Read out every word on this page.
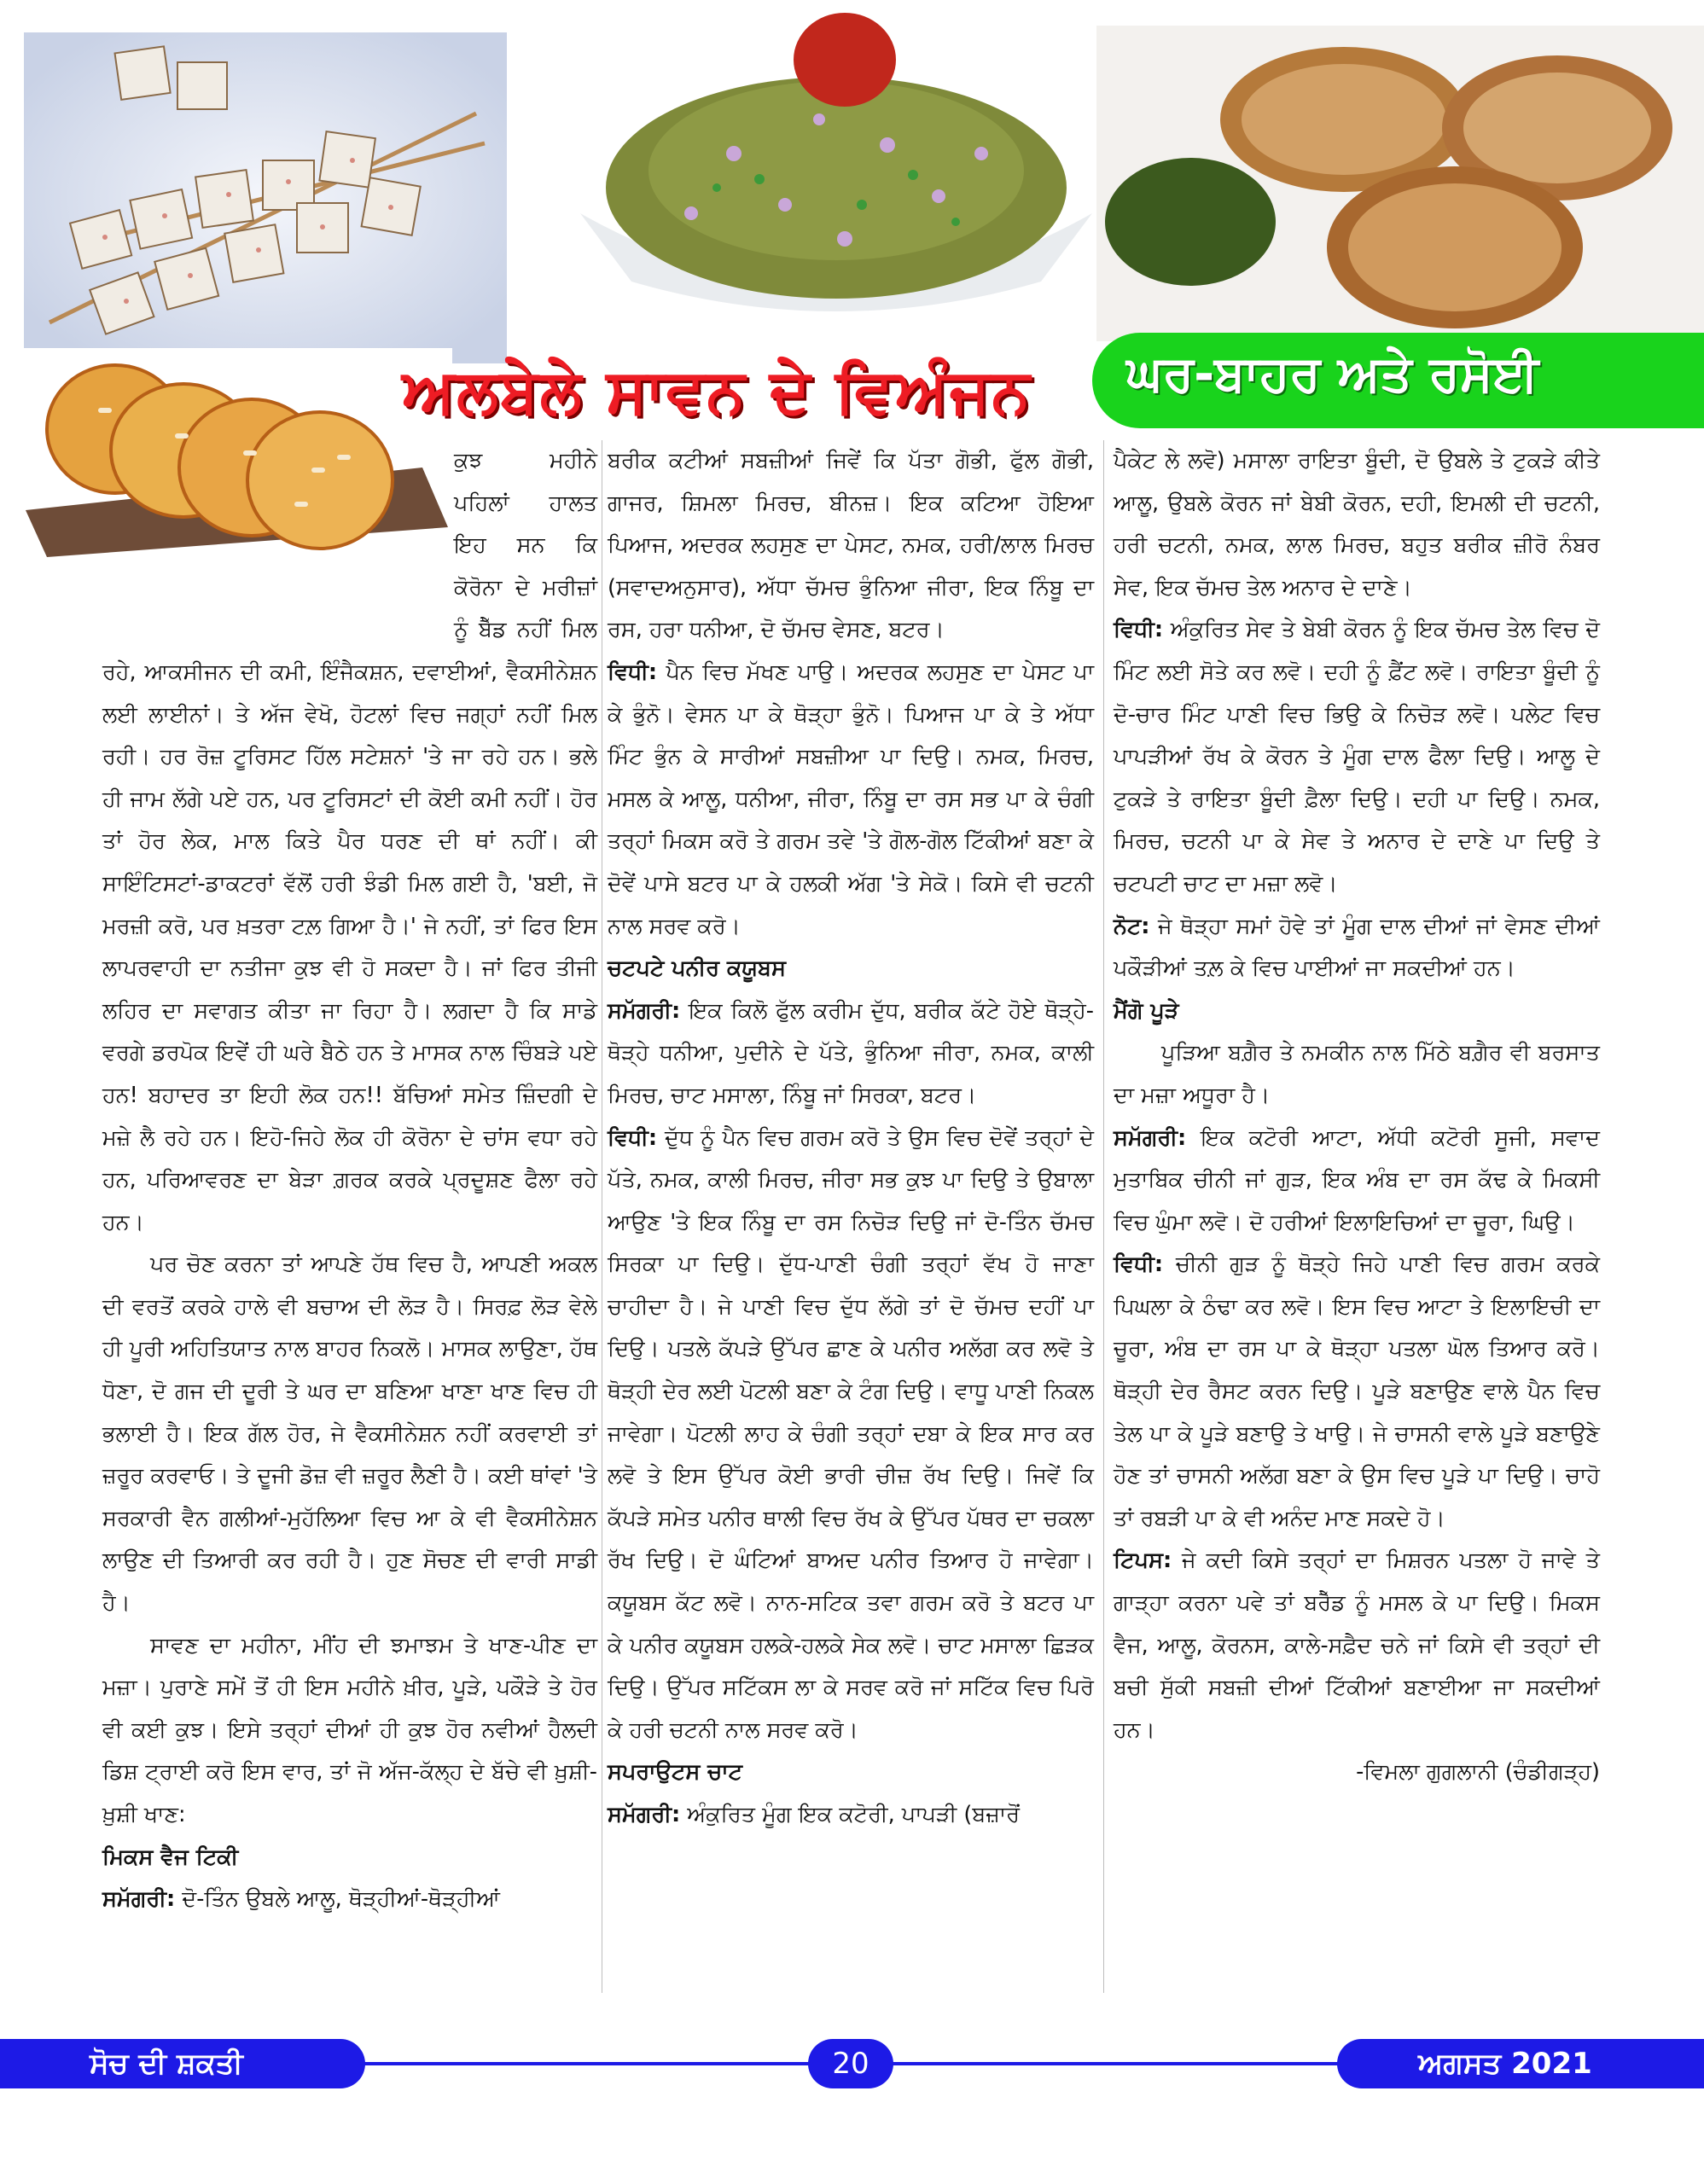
ਅਲਬੇਲੇ ਸਾਵਨ ਦੇ ਵਿਅੰਜਨ	ਘਰ-ਬਾਹਰ ਅਤੇ ਰਸੋਈ

ਕੁਝ ਮਹੀਨੇ ਪਹਿਲਾਂ ਹਾਲਤ ਇਹ ਸਨ ਕਿ ਕੋਰੋਨਾ ਦੇ ਮਰੀਜ਼ਾਂ ਨੂੰ ਬੈੱਡ ਨਹੀਂ ਮਿਲ ਰਹੇ, ਆਕਸੀਜਨ ਦੀ ਕਮੀ, ਇੰਜੈਕਸ਼ਨ, ਦਵਾਈਆਂ, ਵੈਕਸੀਨੇਸ਼ਨ ਲਈ ਲਾਈਨਾਂ। ਤੇ ਅੱਜ ਵੇਖੋ, ਹੋਟਲਾਂ ਵਿਚ ਜਗ੍ਹਾਂ ਨਹੀਂ ਮਿਲ ਰਹੀ। ਹਰ ਰੋਜ਼ ਟੂਰਿਸਟ ਹਿੱਲ ਸਟੇਸ਼ਨਾਂ 'ਤੇ ਜਾ ਰਹੇ ਹਨ। ਭਲੇ ਹੀ ਜਾਮ ਲੱਗੇ ਪਏ ਹਨ, ਪਰ ਟੂਰਿਸਟਾਂ ਦੀ ਕੋਈ ਕਮੀ ਨਹੀਂ। ਹੋਰ ਤਾਂ ਹੋਰ ਲੇਕ, ਮਾਲ ਕਿਤੇ ਪੈਰ ਧਰਣ ਦੀ ਥਾਂ ਨਹੀਂ। ਕੀ ਸਾਇੰਟਿਸਟਾਂ-ਡਾਕਟਰਾਂ ਵੱਲੋਂ ਹਰੀ ਝੰਡੀ ਮਿਲ ਗਈ ਹੈ, 'ਬਈ, ਜੋ ਮਰਜ਼ੀ ਕਰੋ, ਪਰ ਖ਼ਤਰਾ ਟਲ਼ ਗਿਆ ਹੈ।' ਜੇ ਨਹੀਂ, ਤਾਂ ਫਿਰ ਇਸ ਲਾਪਰਵਾਹੀ ਦਾ ਨਤੀਜਾ ਕੁਝ ਵੀ ਹੋ ਸਕਦਾ ਹੈ। ਜਾਂ ਫਿਰ ਤੀਜੀ ਲਹਿਰ ਦਾ ਸਵਾਗਤ ਕੀਤਾ ਜਾ ਰਿਹਾ ਹੈ। ਲਗਦਾ ਹੈ ਕਿ ਸਾਡੇ ਵਰਗੇ ਡਰਪੋਕ ਇਵੇਂ ਹੀ ਘਰੇ ਬੈਠੇ ਹਨ ਤੇ ਮਾਸਕ ਨਾਲ ਚਿੰਬੜੇ ਪਏ ਹਨ! ਬਹਾਦਰ ਤਾ ਇਹੀ ਲੋਕ ਹਨ!! ਬੱਚਿਆਂ ਸਮੇਤ ਜ਼ਿੰਦਗੀ ਦੇ ਮਜ਼ੇ ਲੈ ਰਹੇ ਹਨ। ਇਹੋ-ਜਿਹੇ ਲੋਕ ਹੀ ਕੋਰੋਨਾ ਦੇ ਚਾਂਸ ਵਧਾ ਰਹੇ ਹਨ, ਪਰਿਆਵਰਣ ਦਾ ਬੇੜਾ ਗ਼ਰਕ ਕਰਕੇ ਪ੍ਰਦੂਸ਼ਣ ਫੈਲਾ ਰਹੇ ਹਨ।

ਪਰ ਚੋਣ ਕਰਨਾ ਤਾਂ ਆਪਣੇ ਹੱਥ ਵਿਚ ਹੈ, ਆਪਣੀ ਅਕਲ ਦੀ ਵਰਤੋਂ ਕਰਕੇ ਹਾਲੇ ਵੀ ਬਚਾਅ ਦੀ ਲੋੜ ਹੈ। ਸਿਰਫ਼ ਲੋੜ ਵੇਲੇ ਹੀ ਪੂਰੀ ਅਹਿਤਿਯਾਤ ਨਾਲ ਬਾਹਰ ਨਿਕਲੋ। ਮਾਸਕ ਲਾਉਣਾ, ਹੱਥ ਧੋਣਾ, ਦੋ ਗਜ ਦੀ ਦੂਰੀ ਤੇ ਘਰ ਦਾ ਬਣਿਆ ਖਾਣਾ ਖਾਣ ਵਿਚ ਹੀ ਭਲਾਈ ਹੈ। ਇਕ ਗੱਲ ਹੋਰ, ਜੇ ਵੈਕਸੀਨੇਸ਼ਨ ਨਹੀਂ ਕਰਵਾਈ ਤਾਂ ਜ਼ਰੂਰ ਕਰਵਾਓ। ਤੇ ਦੂਜੀ ਡੋਜ਼ ਵੀ ਜ਼ਰੂਰ ਲੈਣੀ ਹੈ। ਕਈ ਥਾਂਵਾਂ 'ਤੇ ਸਰਕਾਰੀ ਵੈਨ ਗਲੀਆਂ-ਮੁਹੱਲਿਆ ਵਿਚ ਆ ਕੇ ਵੀ ਵੈਕਸੀਨੇਸ਼ਨ ਲਾਉਣ ਦੀ ਤਿਆਰੀ ਕਰ ਰਹੀ ਹੈ। ਹੁਣ ਸੋਚਣ ਦੀ ਵਾਰੀ ਸਾਡੀ ਹੈ।

ਸਾਵਣ ਦਾ ਮਹੀਨਾ, ਮੀਂਹ ਦੀ ਝਮਾਝਮ ਤੇ ਖਾਣ-ਪੀਣ ਦਾ ਮਜ਼ਾ। ਪੁਰਾਣੇ ਸਮੇਂ ਤੋਂ ਹੀ ਇਸ ਮਹੀਨੇ ਖ਼ੀਰ, ਪੂੜੇ, ਪਕੌੜੇ ਤੇ ਹੋਰ ਵੀ ਕਈ ਕੁਝ। ਇਸੇ ਤਰ੍ਹਾਂ ਦੀਆਂ ਹੀ ਕੁਝ ਹੋਰ ਨਵੀਆਂ ਹੈਲਦੀ ਡਿਸ਼ ਟ੍ਰਾਈ ਕਰੋ ਇਸ ਵਾਰ, ਤਾਂ ਜੋ ਅੱਜ-ਕੱਲ੍ਹ ਦੇ ਬੱਚੇ ਵੀ ਖ਼ੁਸ਼ੀ-ਖ਼ੁਸ਼ੀ ਖਾਣ:

ਮਿਕਸ ਵੈਜ ਟਿਕੀ

ਸਮੱਗਰੀ: ਦੋ-ਤਿੰਨ ਉਬਲੇ ਆਲੂ, ਥੋੜ੍ਹੀਆਂ-ਥੋੜ੍ਹੀਆਂ

ਬਰੀਕ ਕਟੀਆਂ ਸਬਜ਼ੀਆਂ ਜਿਵੇਂ ਕਿ ਪੱਤਾ ਗੋਭੀ, ਫੁੱਲ ਗੋਭੀ, ਗਾਜਰ, ਸ਼ਿਮਲਾ ਮਿਰਚ, ਬੀਨਜ਼। ਇਕ ਕਟਿਆ ਹੋਇਆ ਪਿਆਜ, ਅਦਰਕ ਲਹਸੁਣ ਦਾ ਪੇਸਟ, ਨਮਕ, ਹਰੀ/ਲਾਲ ਮਿਰਚ (ਸਵਾਦਅਨੁਸਾਰ), ਅੱਧਾ ਚੱਮਚ ਭੁੰਨਿਆ ਜੀਰਾ, ਇਕ ਨਿੰਬੂ ਦਾ ਰਸ, ਹਰਾ ਧਨੀਆ, ਦੋ ਚੱਮਚ ਵੇਸਣ, ਬਟਰ।

ਵਿਧੀ: ਪੈਨ ਵਿਚ ਮੱਖਣ ਪਾਉ। ਅਦਰਕ ਲਹਸੁਣ ਦਾ ਪੇਸਟ ਪਾ ਕੇ ਭੁੰਨੋ। ਵੇਸਨ ਪਾ ਕੇ ਥੋੜ੍ਹਾ ਭੁੰਨੋ। ਪਿਆਜ ਪਾ ਕੇ ਤੇ ਅੱਧਾ ਮਿੰਟ ਭੁੰਨ ਕੇ ਸਾਰੀਆਂ ਸਬਜ਼ੀਆ ਪਾ ਦਿਉ। ਨਮਕ, ਮਿਰਚ, ਮਸਲ ਕੇ ਆਲੂ, ਧਨੀਆ, ਜੀਰਾ, ਨਿੰਬੂ ਦਾ ਰਸ ਸਭ ਪਾ ਕੇ ਚੰਗੀ ਤਰ੍ਹਾਂ ਮਿਕਸ ਕਰੋ ਤੇ ਗਰਮ ਤਵੇ 'ਤੇ ਗੋਲ-ਗੋਲ ਟਿੱਕੀਆਂ ਬਣਾ ਕੇ ਦੋਵੇਂ ਪਾਸੇ ਬਟਰ ਪਾ ਕੇ ਹਲਕੀ ਅੱਗ 'ਤੇ ਸੇਕੋ। ਕਿਸੇ ਵੀ ਚਟਨੀ ਨਾਲ ਸਰਵ ਕਰੋ।

ਚਟਪਟੇ ਪਨੀਰ ਕਯੂਬਸ

ਸਮੱਗਰੀ: ਇਕ ਕਿਲੋ ਫੁੱਲ ਕਰੀਮ ਦੁੱਧ, ਬਰੀਕ ਕੱਟੇ ਹੋਏ ਥੋੜ੍ਹੇ-ਥੋੜ੍ਹੇ ਧਨੀਆ, ਪੁਦੀਨੇ ਦੇ ਪੱਤੇ, ਭੁੰਨਿਆ ਜੀਰਾ, ਨਮਕ, ਕਾਲੀ ਮਿਰਚ, ਚਾਟ ਮਸਾਲਾ, ਨਿੰਬੂ ਜਾਂ ਸਿਰਕਾ, ਬਟਰ।

ਵਿਧੀ: ਦੁੱਧ ਨੂੰ ਪੈਨ ਵਿਚ ਗਰਮ ਕਰੋ ਤੇ ਉਸ ਵਿਚ ਦੋਵੇਂ ਤਰ੍ਹਾਂ ਦੇ ਪੱਤੇ, ਨਮਕ, ਕਾਲੀ ਮਿਰਚ, ਜੀਰਾ ਸਭ ਕੁਝ ਪਾ ਦਿਉ ਤੇ ਉਬਾਲਾ ਆਉਣ 'ਤੇ ਇਕ ਨਿੰਬੂ ਦਾ ਰਸ ਨਿਚੋੜ ਦਿਉ ਜਾਂ ਦੋ-ਤਿੰਨ ਚੱਮਚ ਸਿਰਕਾ ਪਾ ਦਿਉ। ਦੁੱਧ-ਪਾਣੀ ਚੰਗੀ ਤਰ੍ਹਾਂ ਵੱਖ ਹੋ ਜਾਣਾ ਚਾਹੀਦਾ ਹੈ। ਜੇ ਪਾਣੀ ਵਿਚ ਦੁੱਧ ਲੱਗੇ ਤਾਂ ਦੋ ਚੱਮਚ ਦਹੀਂ ਪਾ ਦਿਉ। ਪਤਲੇ ਕੱਪੜੇ ਉੱਪਰ ਛਾਣ ਕੇ ਪਨੀਰ ਅਲੱਗ ਕਰ ਲਵੋ ਤੇ ਥੋੜ੍ਹੀ ਦੇਰ ਲਈ ਪੋਟਲੀ ਬਣਾ ਕੇ ਟੰਗ ਦਿਉ। ਵਾਧੂ ਪਾਣੀ ਨਿਕਲ ਜਾਵੇਗਾ। ਪੋਟਲੀ ਲਾਹ ਕੇ ਚੰਗੀ ਤਰ੍ਹਾਂ ਦਬਾ ਕੇ ਇਕ ਸਾਰ ਕਰ ਲਵੋ ਤੇ ਇਸ ਉੱਪਰ ਕੋਈ ਭਾਰੀ ਚੀਜ਼ ਰੱਖ ਦਿਉ। ਜਿਵੇਂ ਕਿ ਕੱਪੜੇ ਸਮੇਤ ਪਨੀਰ ਥਾਲੀ ਵਿਚ ਰੱਖ ਕੇ ਉੱਪਰ ਪੱਥਰ ਦਾ ਚਕਲਾ ਰੱਖ ਦਿਉ। ਦੋ ਘੰਟਿਆਂ ਬਾਅਦ ਪਨੀਰ ਤਿਆਰ ਹੋ ਜਾਵੇਗਾ। ਕਯੂਬਸ ਕੱਟ ਲਵੋ। ਨਾਨ-ਸਟਿਕ ਤਵਾ ਗਰਮ ਕਰੋ ਤੇ ਬਟਰ ਪਾ ਕੇ ਪਨੀਰ ਕਯੂਬਸ ਹਲਕੇ-ਹਲਕੇ ਸੇਕ ਲਵੋ। ਚਾਟ ਮਸਾਲਾ ਛਿੜਕ ਦਿਉ। ਉੱਪਰ ਸਟਿੱਕਸ ਲਾ ਕੇ ਸਰਵ ਕਰੋ ਜਾਂ ਸਟਿੱਕ ਵਿਚ ਪਿਰੋ ਕੇ ਹਰੀ ਚਟਨੀ ਨਾਲ ਸਰਵ ਕਰੋ।

ਸਪਰਾਉਟਸ ਚਾਟ

ਸਮੱਗਰੀ: ਅੰਕੁਰਿਤ ਮੂੰਗ ਇਕ ਕਟੋਰੀ, ਪਾਪੜੀ (ਬਜ਼ਾਰੋਂ

ਪੈਕੇਟ ਲੇ ਲਵੋ) ਮਸਾਲਾ ਰਾਇਤਾ ਬੂੰਦੀ, ਦੋ ਉਬਲੇ ਤੇ ਟੁਕੜੇ ਕੀਤੇ ਆਲੂ, ਉਬਲੇ ਕੋਰਨ ਜਾਂ ਬੇਬੀ ਕੋਰਨ, ਦਹੀ, ਇਮਲੀ ਦੀ ਚਟਨੀ, ਹਰੀ ਚਟਨੀ, ਨਮਕ, ਲਾਲ ਮਿਰਚ, ਬਹੁਤ ਬਰੀਕ ਜ਼ੀਰੋ ਨੰਬਰ ਸੇਵ, ਇਕ ਚੱਮਚ ਤੇਲ ਅਨਾਰ ਦੇ ਦਾਣੇ।

ਵਿਧੀ: ਅੰਕੁਰਿਤ ਸੇਵ ਤੇ ਬੇਬੀ ਕੋਰਨ ਨੂੰ ਇਕ ਚੱਮਚ ਤੇਲ ਵਿਚ ਦੋ ਮਿੰਟ ਲਈ ਸੋਤੇ ਕਰ ਲਵੋ। ਦਹੀ ਨੂੰ ਫ਼ੈਂਟ ਲਵੋ। ਰਾਇਤਾ ਬੂੰਦੀ ਨੂੰ ਦੋ-ਚਾਰ ਮਿੰਟ ਪਾਣੀ ਵਿਚ ਭਿਉ ਕੇ ਨਿਚੋੜ ਲਵੋ। ਪਲੇਟ ਵਿਚ ਪਾਪੜੀਆਂ ਰੱਖ ਕੇ ਕੋਰਨ ਤੇ ਮੂੰਗ ਦਾਲ ਫੈਲਾ ਦਿਉ। ਆਲੂ ਦੇ ਟੁਕੜੇ ਤੇ ਰਾਇਤਾ ਬੂੰਦੀ ਫ਼ੈਲਾ ਦਿਉ। ਦਹੀ ਪਾ ਦਿਉ। ਨਮਕ, ਮਿਰਚ, ਚਟਨੀ ਪਾ ਕੇ ਸੇਵ ਤੇ ਅਨਾਰ ਦੇ ਦਾਣੇ ਪਾ ਦਿਉ ਤੇ ਚਟਪਟੀ ਚਾਟ ਦਾ ਮਜ਼ਾ ਲਵੋ।

ਨੋਟ: ਜੇ ਥੋੜ੍ਹਾ ਸਮਾਂ ਹੋਵੇ ਤਾਂ ਮੂੰਗ ਦਾਲ ਦੀਆਂ ਜਾਂ ਵੇਸਣ ਦੀਆਂ ਪਕੌੜੀਆਂ ਤਲ਼ ਕੇ ਵਿਚ ਪਾਈਆਂ ਜਾ ਸਕਦੀਆਂ ਹਨ।

ਮੈਂਗੋ ਪੂੜੇ

ਪੂੜਿਆ ਬਗ਼ੈਰ ਤੇ ਨਮਕੀਨ ਨਾਲ ਮਿੱਠੇ ਬਗ਼ੈਰ ਵੀ ਬਰਸਾਤ ਦਾ ਮਜ਼ਾ ਅਧੂਰਾ ਹੈ।

ਸਮੱਗਰੀ: ਇਕ ਕਟੋਰੀ ਆਟਾ, ਅੱਧੀ ਕਟੋਰੀ ਸੂਜੀ, ਸਵਾਦ ਮੁਤਾਬਿਕ ਚੀਨੀ ਜਾਂ ਗੁੜ, ਇਕ ਅੰਬ ਦਾ ਰਸ ਕੱਢ ਕੇ ਮਿਕਸੀ ਵਿਚ ਘੁੰਮਾ ਲਵੋ। ਦੋ ਹਰੀਆਂ ਇਲਾਇਚਿਆਂ ਦਾ ਚੂਰਾ, ਘਿਉ।

ਵਿਧੀ: ਚੀਨੀ ਗੁੜ ਨੂੰ ਥੋੜ੍ਹੇ ਜਿਹੇ ਪਾਣੀ ਵਿਚ ਗਰਮ ਕਰਕੇ ਪਿਘਲਾ ਕੇ ਠੰਢਾ ਕਰ ਲਵੋ। ਇਸ ਵਿਚ ਆਟਾ ਤੇ ਇਲਾਇਚੀ ਦਾ ਚੂਰਾ, ਅੰਬ ਦਾ ਰਸ ਪਾ ਕੇ ਥੋੜ੍ਹਾ ਪਤਲਾ ਘੋਲ ਤਿਆਰ ਕਰੋ। ਥੋੜ੍ਹੀ ਦੇਰ ਰੈਸਟ ਕਰਨ ਦਿਉ। ਪੂੜੇ ਬਣਾਉਣ ਵਾਲੇ ਪੈਨ ਵਿਚ ਤੇਲ ਪਾ ਕੇ ਪੂੜੇ ਬਣਾਉ ਤੇ ਖਾਉ। ਜੇ ਚਾਸਨੀ ਵਾਲੇ ਪੂੜੇ ਬਣਾਉਣੇ ਹੋਣ ਤਾਂ ਚਾਸਨੀ ਅਲੱਗ ਬਣਾ ਕੇ ਉਸ ਵਿਚ ਪੂੜੇ ਪਾ ਦਿਉ। ਚਾਹੋ ਤਾਂ ਰਬੜੀ ਪਾ ਕੇ ਵੀ ਅਨੰਦ ਮਾਣ ਸਕਦੇ ਹੋ।

ਟਿਪਸ: ਜੇ ਕਦੀ ਕਿਸੇ ਤਰ੍ਹਾਂ ਦਾ ਮਿਸ਼ਰਨ ਪਤਲਾ ਹੋ ਜਾਵੇ ਤੇ ਗਾੜ੍ਹਾ ਕਰਨਾ ਪਵੇ ਤਾਂ ਬਰੈੱਡ ਨੂੰ ਮਸਲ ਕੇ ਪਾ ਦਿਉ। ਮਿਕਸ ਵੈਜ, ਆਲੂ, ਕੋਰਨਸ, ਕਾਲੇ-ਸਫ਼ੈਦ ਚਨੇ ਜਾਂ ਕਿਸੇ ਵੀ ਤਰ੍ਹਾਂ ਦੀ ਬਚੀ ਸੁੱਕੀ ਸਬਜ਼ੀ ਦੀਆਂ ਟਿੱਕੀਆਂ ਬਣਾਈਆ ਜਾ ਸਕਦੀਆਂ ਹਨ।

-ਵਿਮਲਾ ਗੁਗਲਾਨੀ (ਚੰਡੀਗੜ੍ਹ)

ਸੋਚ ਦੀ ਸ਼ਕਤੀ	20	ਅਗਸਤ 2021
